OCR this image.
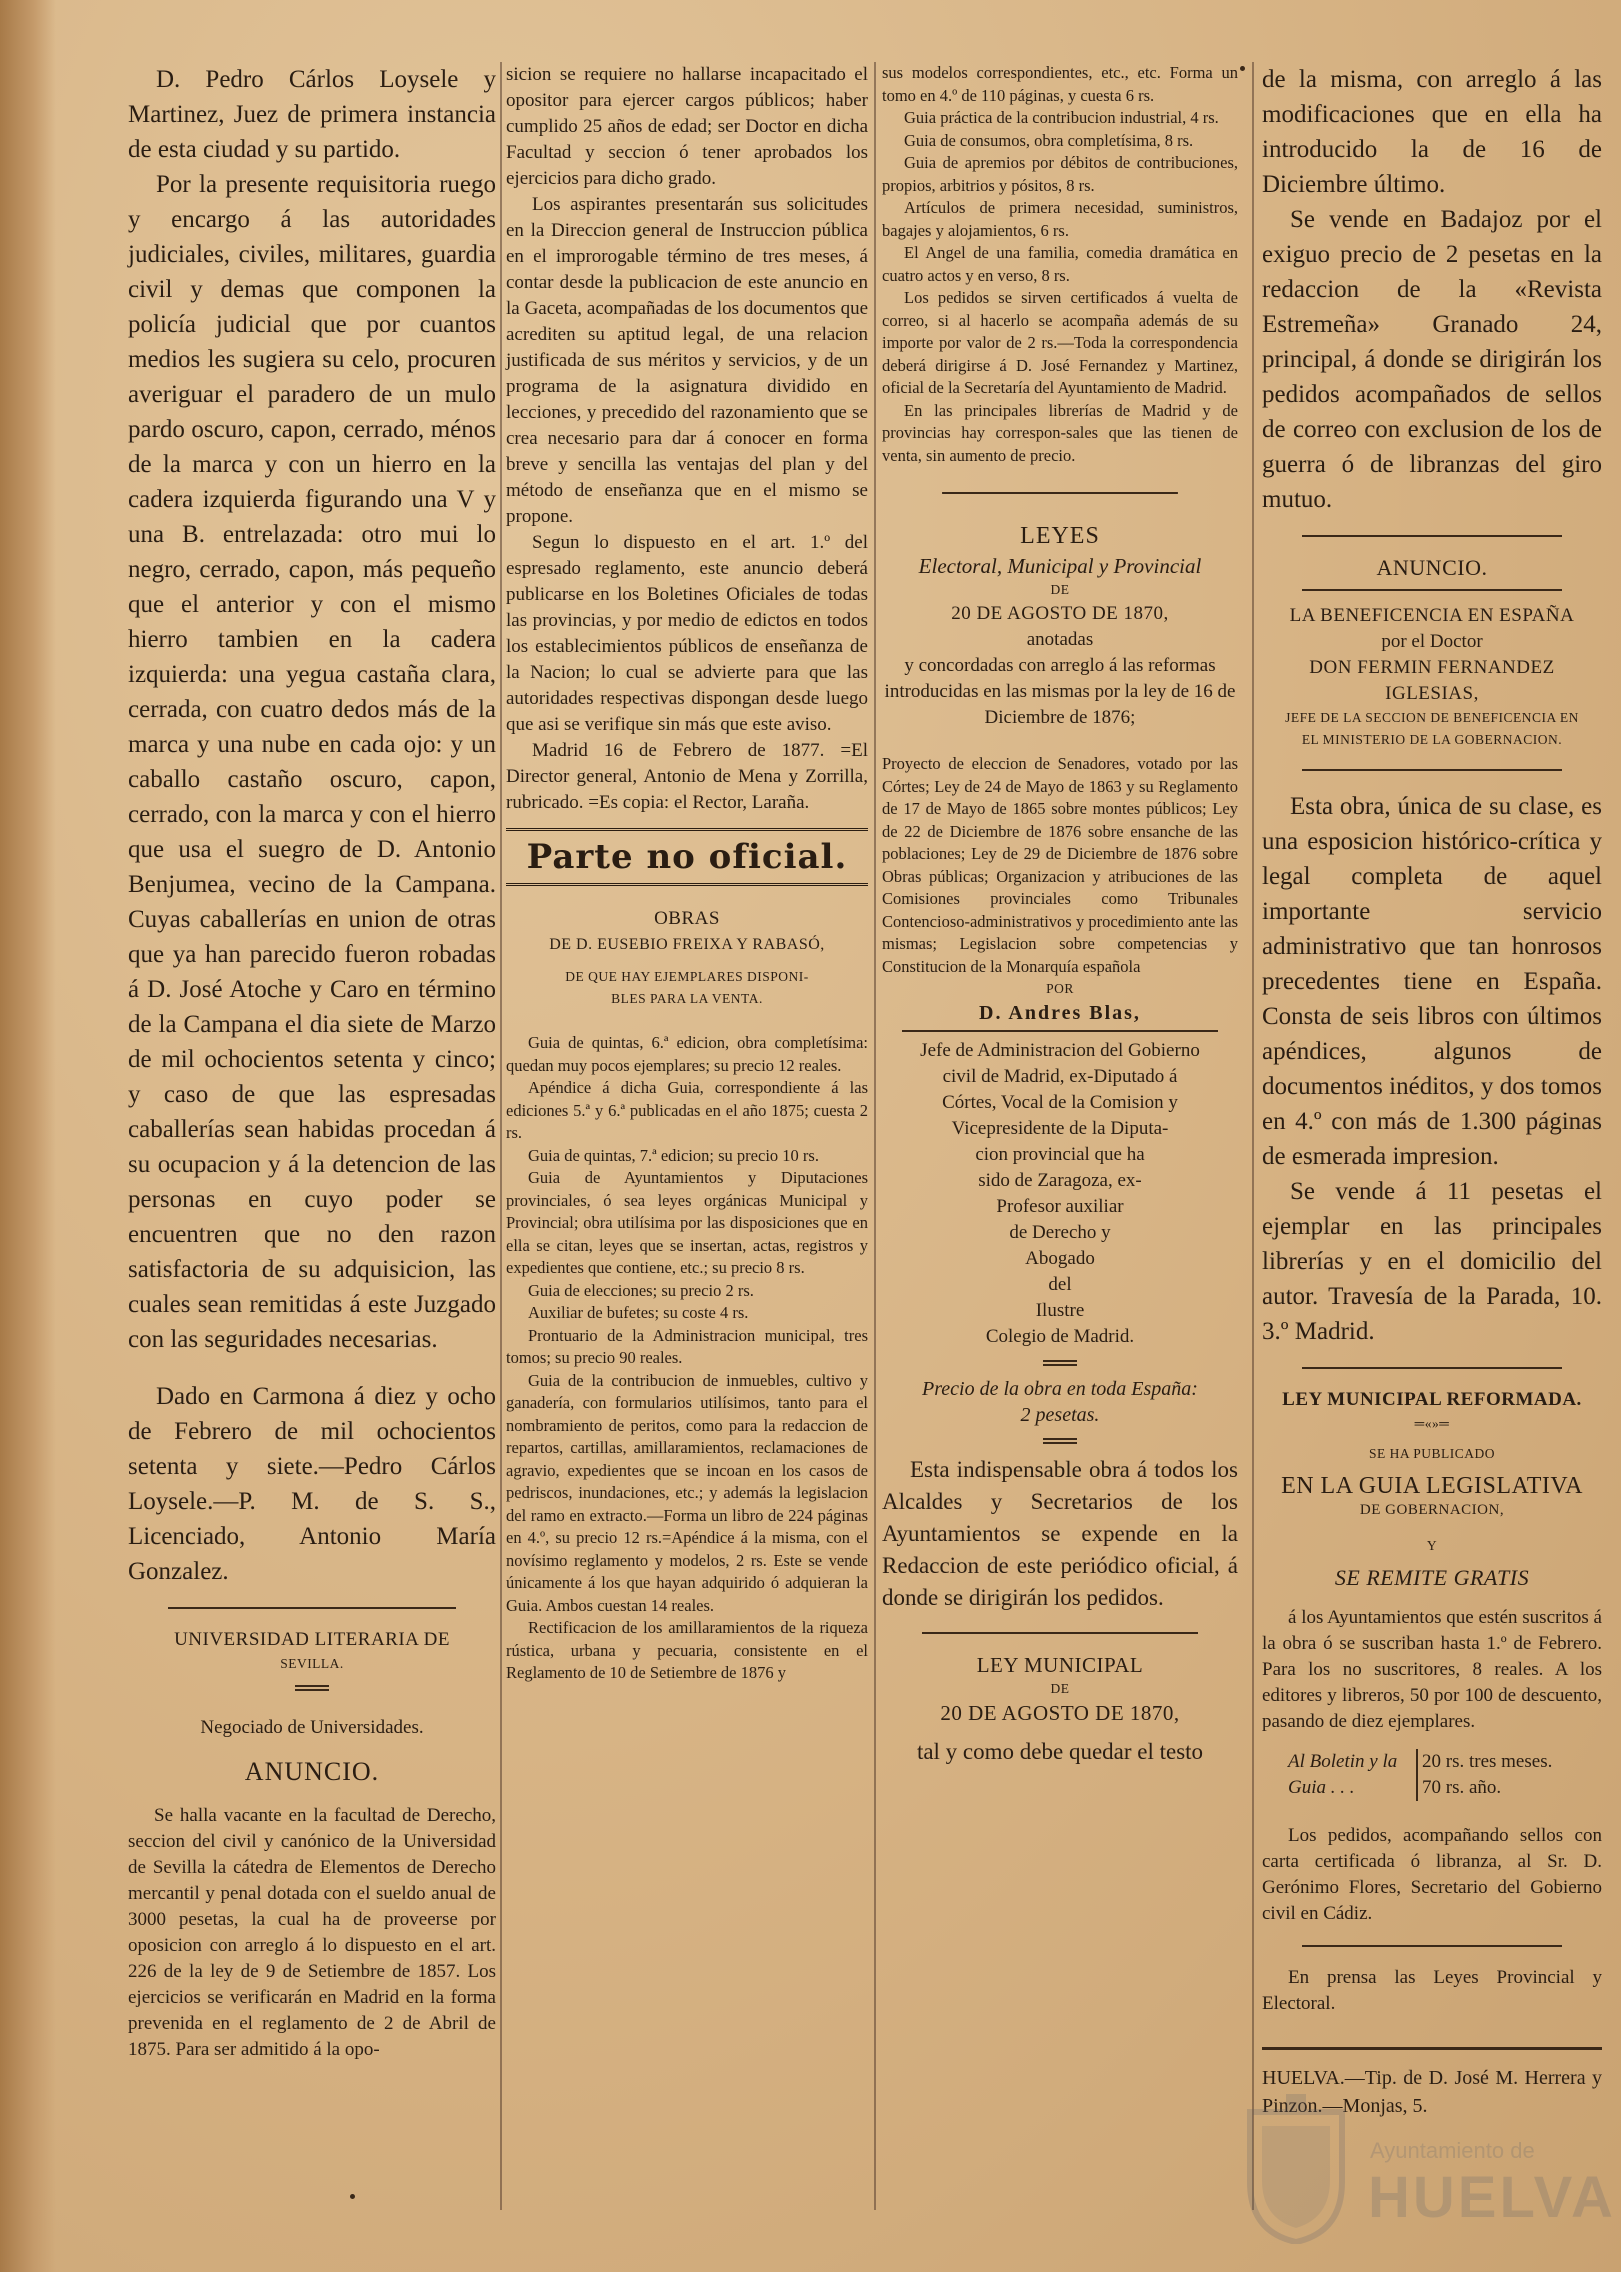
D. Pedro Cárlos Loysele y Martinez, Juez de primera instancia de esta ciudad y su partido.

Por la presente requisitoria ruego y encargo á las autoridades judiciales, civiles, militares, guardia civil y demas que componen la policía judicial que por cuantos medios les sugiera su celo, procuren averiguar el paradero de un mulo pardo oscuro, capon, cerrado, ménos de la marca y con un hierro en la cadera izquierda figurando una V y una B. entrelazada: otro mui lo negro, cerrado, capon, más pequeño que el anterior y con el mismo hierro tambien en la cadera izquierda: una yegua castaña clara, cerrada, con cuatro dedos más de la marca y una nube en cada ojo: y un caballo castaño oscuro, capon, cerrado, con la marca y con el hierro que usa el suegro de D. Antonio Benjumea, vecino de la Campana. Cuyas caballerías en union de otras que ya han parecido fueron robadas á D. José Atoche y Caro en término de la Campana el dia siete de Marzo de mil ochocientos setenta y cinco; y caso de que las espresadas caballerías sean habidas procedan á su ocupacion y á la detencion de las personas en cuyo poder se encuentren que no den razon satisfactoria de su adquisicion, las cuales sean remitidas á este Juzgado con las seguridades necesarias.

Dado en Carmona á diez y ocho de Febrero de mil ochocientos setenta y siete.—Pedro Cárlos Loysele.—P. M. de S. S., Licenciado, Antonio María Gonzalez.

UNIVERSIDAD LITERARIA DE

SEVILLA.

Negociado de Universidades.

ANUNCIO.

Se halla vacante en la facultad de Derecho, seccion del civil y canónico de la Universidad de Sevilla la cátedra de Elementos de Derecho mercantil y penal dotada con el sueldo anual de 3000 pesetas, la cual ha de proveerse por oposicion con arreglo á lo dispuesto en el art. 226 de la ley de 9 de Setiembre de 1857. Los ejercicios se verificarán en Madrid en la forma prevenida en el reglamento de 2 de Abril de 1875. Para ser admitido á la opo-

sicion se requiere no hallarse incapacitado el opositor para ejercer cargos públicos; haber cumplido 25 años de edad; ser Doctor en dicha Facultad y seccion ó tener aprobados los ejercicios para dicho grado.

Los aspirantes presentarán sus solicitudes en la Direccion general de Instruccion pública en el improrogable término de tres meses, á contar desde la publicacion de este anuncio en la Gaceta, acompañadas de los documentos que acrediten su aptitud legal, de una relacion justificada de sus méritos y servicios, y de un programa de la asignatura dividido en lecciones, y precedido del razonamiento que se crea necesario para dar á conocer en forma breve y sencilla las ventajas del plan y del método de enseñanza que en el mismo se propone.

Segun lo dispuesto en el art. 1.º del espresado reglamento, este anuncio deberá publicarse en los Boletines Oficiales de todas las provincias, y por medio de edictos en todos los establecimientos públicos de enseñanza de la Nacion; lo cual se advierte para que las autoridades respectivas dispongan desde luego que asi se verifique sin más que este aviso.

Madrid 16 de Febrero de 1877. =El Director general, Antonio de Mena y Zorrilla, rubricado. =Es copia: el Rector, Laraña.

Parte no oficial.

OBRAS

DE D. EUSEBIO FREIXA Y RABASÓ,

DE QUE HAY EJEMPLARES DISPONI-

BLES PARA LA VENTA.

Guia de quintas, 6.ª edicion, obra completísima: quedan muy pocos ejemplares; su precio 12 reales.

Apéndice á dicha Guia, correspondiente á las ediciones 5.ª y 6.ª publicadas en el año 1875; cuesta 2 rs.

Guia de quintas, 7.ª edicion; su precio 10 rs.

Guia de Ayuntamientos y Diputaciones provinciales, ó sea leyes orgánicas Municipal y Provincial; obra utilísima por las disposiciones que en ella se citan, leyes que se insertan, actas, registros y expedientes que contiene, etc.; su precio 8 rs.

Guia de elecciones; su precio 2 rs.

Auxiliar de bufetes; su coste 4 rs.

Prontuario de la Administracion municipal, tres tomos; su precio 90 reales.

Guia de la contribucion de inmuebles, cultivo y ganadería, con formularios utilísimos, tanto para el nombramiento de peritos, como para la redaccion de repartos, cartillas, amillaramientos, reclamaciones de agravio, expedientes que se incoan en los casos de pedriscos, inundaciones, etc.; y además la legislacion del ramo en extracto.—Forma un libro de 224 páginas en 4.º, su precio 12 rs.=Apéndice á la misma, con el novísimo reglamento y modelos, 2 rs. Este se vende únicamente á los que hayan adquirido ó adquieran la Guia. Ambos cuestan 14 reales.

Rectificacion de los amillaramientos de la riqueza rústica, urbana y pecuaria, consistente en el Reglamento de 10 de Setiembre de 1876 y

sus modelos correspondientes, etc., etc. Forma un tomo en 4.º de 110 páginas, y cuesta 6 rs.

Guia práctica de la contribucion industrial, 4 rs.

Guia de consumos, obra completísima, 8 rs.

Guia de apremios por débitos de contribuciones, propios, arbitrios y pósitos, 8 rs.

Artículos de primera necesidad, suministros, bagajes y alojamientos, 6 rs.

El Angel de una familia, comedia dramática en cuatro actos y en verso, 8 rs.

Los pedidos se sirven certificados á vuelta de correo, si al hacerlo se acompaña además de su importe por valor de 2 rs.—Toda la correspondencia deberá dirigirse á D. José Fernandez y Martinez, oficial de la Secretaría del Ayuntamiento de Madrid.

En las principales librerías de Madrid y de provincias hay correspon-sales que las tienen de venta, sin aumento de precio.

LEYES

Electoral, Municipal y Provincial

DE

20 DE AGOSTO DE 1870,

anotadas

y concordadas con arreglo á las reformas introducidas en las mismas por la ley de 16 de Diciembre de 1876;

Proyecto de eleccion de Senadores, votado por las Córtes; Ley de 24 de Mayo de 1863 y su Reglamento de 17 de Mayo de 1865 sobre montes públicos; Ley de 22 de Diciembre de 1876 sobre ensanche de las poblaciones; Ley de 29 de Diciembre de 1876 sobre Obras públicas; Organizacion y atribuciones de las Comisiones provinciales como Tribunales Contencioso-administrativos y procedimiento ante las mismas; Legislacion sobre competencias y Constitucion de la Monarquía española

POR

D. Andres Blas,

Jefe de Administracion del Gobierno

civil de Madrid, ex-Diputado á

Córtes, Vocal de la Comision y

Vicepresidente de la Diputa-

cion provincial que ha

sido de Zaragoza, ex-

Profesor auxiliar

de Derecho y

Abogado

del

Ilustre

Colegio de Madrid.

Precio de la obra en toda España:

2 pesetas.

Esta indispensable obra á todos los Alcaldes y Secretarios de los Ayuntamientos se expende en la Redaccion de este periódico oficial, á donde se dirigirán los pedidos.

LEY MUNICIPAL

DE

20 DE AGOSTO DE 1870,

tal y como debe quedar el testo

de la misma, con arreglo á las modificaciones que en ella ha introducido la de 16 de Diciembre último.

Se vende en Badajoz por el exiguo precio de 2 pesetas en la redaccion de la «Revista Estremeña» Granado 24, principal, á donde se dirigirán los pedidos acompañados de sellos de correo con exclusion de los de guerra ó de libranzas del giro mutuo.

ANUNCIO.

LA BENEFICENCIA EN ESPAÑA

por el Doctor

DON FERMIN FERNANDEZ IGLESIAS,

JEFE DE LA SECCION DE BENEFICENCIA EN

EL MINISTERIO DE LA GOBERNACION.

Esta obra, única de su clase, es una esposicion histórico-crítica y legal completa de aquel importante servicio administrativo que tan honrosos precedentes tiene en España. Consta de seis libros con últimos apéndices, algunos de documentos inéditos, y dos tomos en 4.º con más de 1.300 páginas de esmerada impresion.

Se vende á 11 pesetas el ejemplar en las principales librerías y en el domicilio del autor. Travesía de la Parada, 10. 3.º Madrid.

LEY MUNICIPAL REFORMADA.

═«»═

SE HA PUBLICADO

EN LA GUIA LEGISLATIVA

DE GOBERNACION,

Y

SE REMITE GRATIS

á los Ayuntamientos que estén suscritos á la obra ó se suscriban hasta 1.º de Febrero. Para los no suscritores, 8 reales. A los editores y libreros, 50 por 100 de descuento, pasando de diez ejemplares.

Al Boletin y la	20 rs. tres meses.
Guia . . .	70 rs. año.

Los pedidos, acompañando sellos con carta certificada ó libranza, al Sr. D. Gerónimo Flores, Secretario del Gobierno civil en Cádiz.

En prensa las Leyes Provincial y Electoral.

HUELVA.—Tip. de D. José M. Herrera y Pinzon.—Monjas, 5.

Ayuntamiento de
HUELVA
